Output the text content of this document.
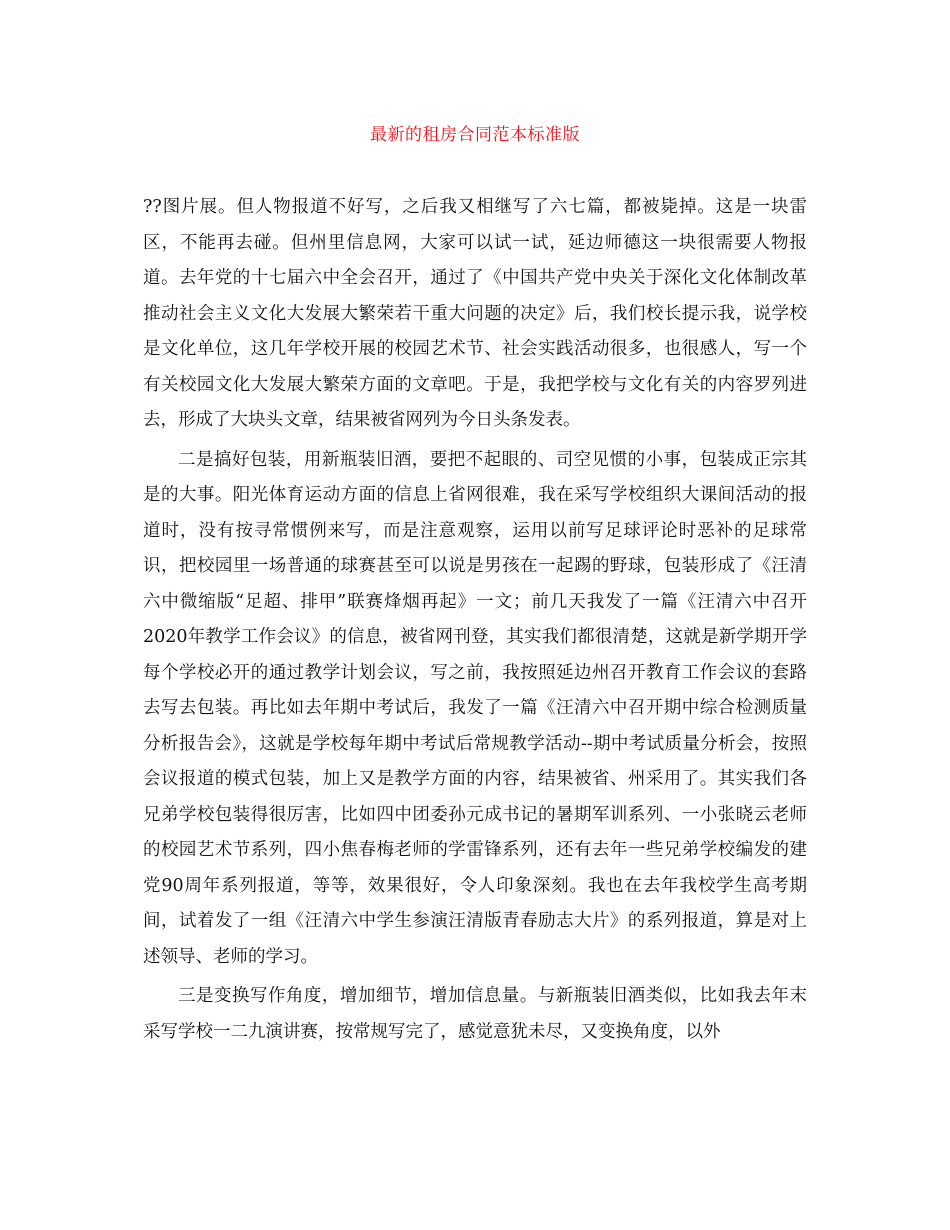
最新的租房合同范本标准版

??图片展。但人物报道不好写，之后我又相继写了六七篇，都被毙掉。这是一块雷区，不能再去碰。但州里信息网，大家可以试一试，延边师德这一块很需要人物报道。去年党的十七届六中全会召开，通过了《中国共产党中央关于深化文化体制改革推动社会主义文化大发展大繁荣若干重大问题的决定》后，我们校长提示我，说学校是文化单位，这几年学校开展的校园艺术节、社会实践活动很多，也很感人，写一个有关校园文化大发展大繁荣方面的文章吧。于是，我把学校与文化有关的内容罗列进去，形成了大块头文章，结果被省网列为今日头条发表。

二是搞好包装，用新瓶装旧酒，要把不起眼的、司空见惯的小事，包装成正宗其是的大事。阳光体育运动方面的信息上省网很难，我在采写学校组织大课间活动的报道时，没有按寻常惯例来写，而是注意观察，运用以前写足球评论时恶补的足球常识，把校园里一场普通的球赛甚至可以说是男孩在一起踢的野球，包装形成了《汪清六中微缩版“足超、排甲”联赛烽烟再起》一文；前几天我发了一篇《汪清六中召开2020年教学工作会议》的信息，被省网刊登，其实我们都很清楚，这就是新学期开学每个学校必开的通过教学计划会议，写之前，我按照延边州召开教育工作会议的套路去写去包装。再比如去年期中考试后，我发了一篇《汪清六中召开期中综合检测质量分析报告会》，这就是学校每年期中考试后常规教学活动--期中考试质量分析会，按照会议报道的模式包装，加上又是教学方面的内容，结果被省、州采用了。其实我们各兄弟学校包装得很厉害，比如四中团委孙元成书记的暑期军训系列、一小张晓云老师的校园艺术节系列，四小焦春梅老师的学雷锋系列，还有去年一些兄弟学校编发的建党90周年系列报道，等等，效果很好，令人印象深刻。我也在去年我校学生高考期间，试着发了一组《汪清六中学生参演汪清版青春励志大片》的系列报道，算是对上述领导、老师的学习。

三是变换写作角度，增加细节，增加信息量。与新瓶装旧酒类似，比如我去年末采写学校一二九演讲赛，按常规写完了，感觉意犹未尽，又变换角度，以外
